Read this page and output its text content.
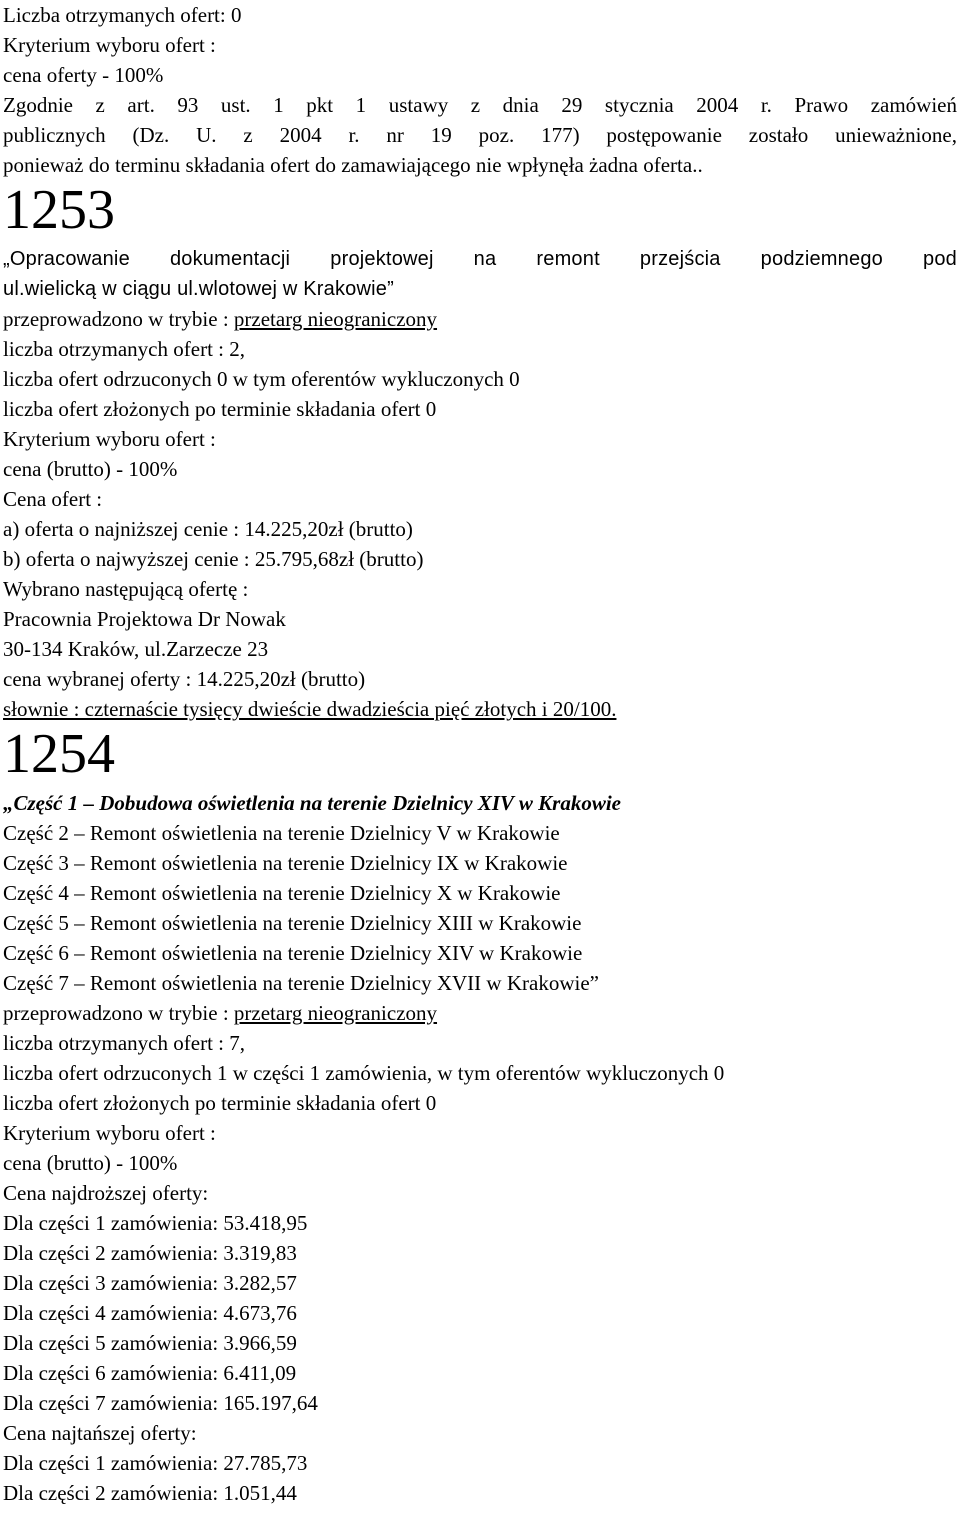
Liczba otrzymanych ofert: 0
Kryterium wyboru ofert :
cena oferty - 100%
Zgodnie z art. 93 ust. 1 pkt 1 ustawy z dnia 29 stycznia 2004 r. Prawo zamówień
publicznych (Dz. U. z 2004 r. nr 19 poz. 177) postępowanie zostało unieważnione,
ponieważ do terminu składania ofert do zamawiającego nie wpłynęła żadna oferta..
1253
„Opracowanie dokumentacji projektowej na remont przejścia podziemnego pod
ul.wielicką w ciągu ul.wlotowej w Krakowie”
przeprowadzono w trybie : przetarg nieograniczony
liczba otrzymanych ofert : 2,
liczba ofert odrzuconych 0 w tym oferentów wykluczonych 0
liczba ofert złożonych po terminie składania ofert 0
Kryterium wyboru ofert :
cena (brutto) - 100%
Cena ofert :
a) oferta o najniższej cenie : 14.225,20zł (brutto)
b) oferta o najwyższej cenie : 25.795,68zł (brutto)
Wybrano następującą ofertę :
Pracownia Projektowa Dr Nowak
30-134 Kraków, ul.Zarzecze 23
cena wybranej oferty : 14.225,20zł (brutto)
słownie : czternaście tysięcy dwieście dwadzieścia pięć złotych i 20/100.
1254
„Część 1 – Dobudowa oświetlenia na terenie Dzielnicy XIV w Krakowie
Część 2 – Remont oświetlenia na terenie Dzielnicy V w Krakowie
Część 3 – Remont oświetlenia na terenie Dzielnicy IX w Krakowie
Część 4 – Remont oświetlenia na terenie Dzielnicy X w Krakowie
Część 5 – Remont oświetlenia na terenie Dzielnicy XIII w Krakowie
Część 6 – Remont oświetlenia na terenie Dzielnicy XIV w Krakowie
Część 7 – Remont oświetlenia na terenie Dzielnicy XVII w Krakowie”
przeprowadzono w trybie : przetarg nieograniczony
liczba otrzymanych ofert : 7,
liczba ofert odrzuconych 1 w części 1 zamówienia, w tym oferentów wykluczonych 0
liczba ofert złożonych po terminie składania ofert 0
Kryterium wyboru ofert :
cena (brutto) - 100%
Cena najdroższej oferty:
Dla części 1 zamówienia: 53.418,95
Dla części 2 zamówienia: 3.319,83
Dla części 3 zamówienia: 3.282,57
Dla części 4 zamówienia: 4.673,76
Dla części 5 zamówienia: 3.966,59
Dla części 6 zamówienia: 6.411,09
Dla części 7 zamówienia: 165.197,64
Cena najtańszej oferty:
Dla części 1 zamówienia: 27.785,73
Dla części 2 zamówienia: 1.051,44
